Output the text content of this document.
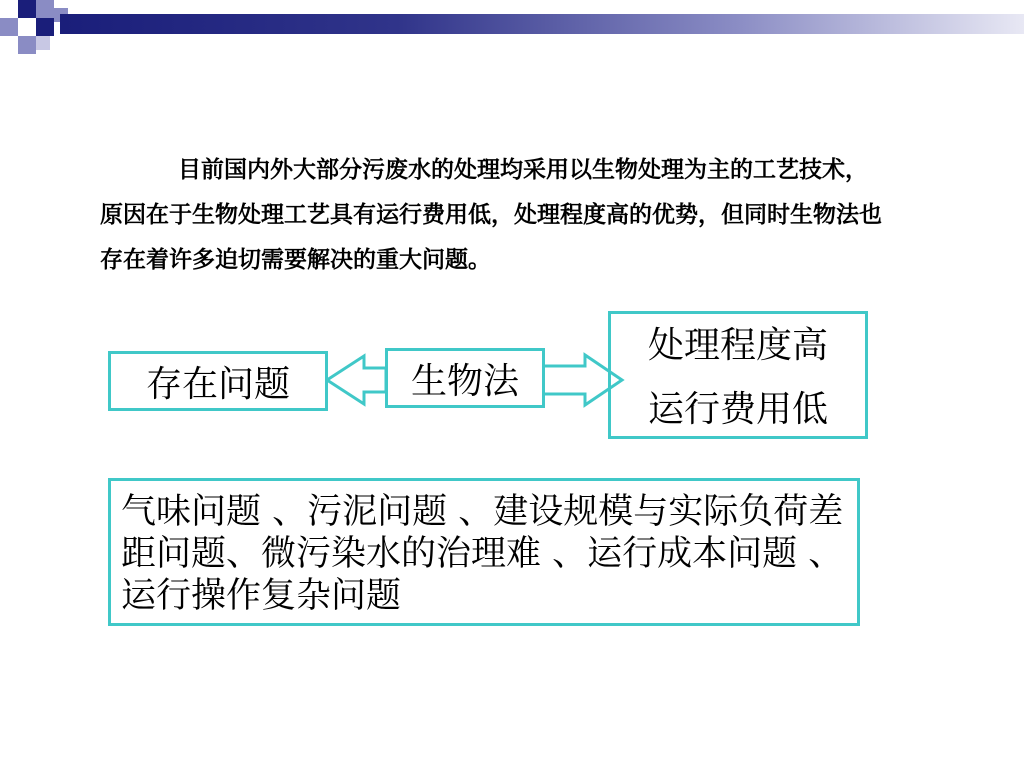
目前国内外大部分污废水的处理均采用以生物处理为主的工艺技术，原因在于生物处理工艺具有运行费用低，处理程度高的优势，但同时生物法也存在着许多迫切需要解决的重大问题。

存在问题	生物法
处理程度高
运行费用低
气味问题 、污泥问题 、建设规模与实际负荷差距问题、微污染水的治理难 、运行成本问题 、运行操作复杂问题
